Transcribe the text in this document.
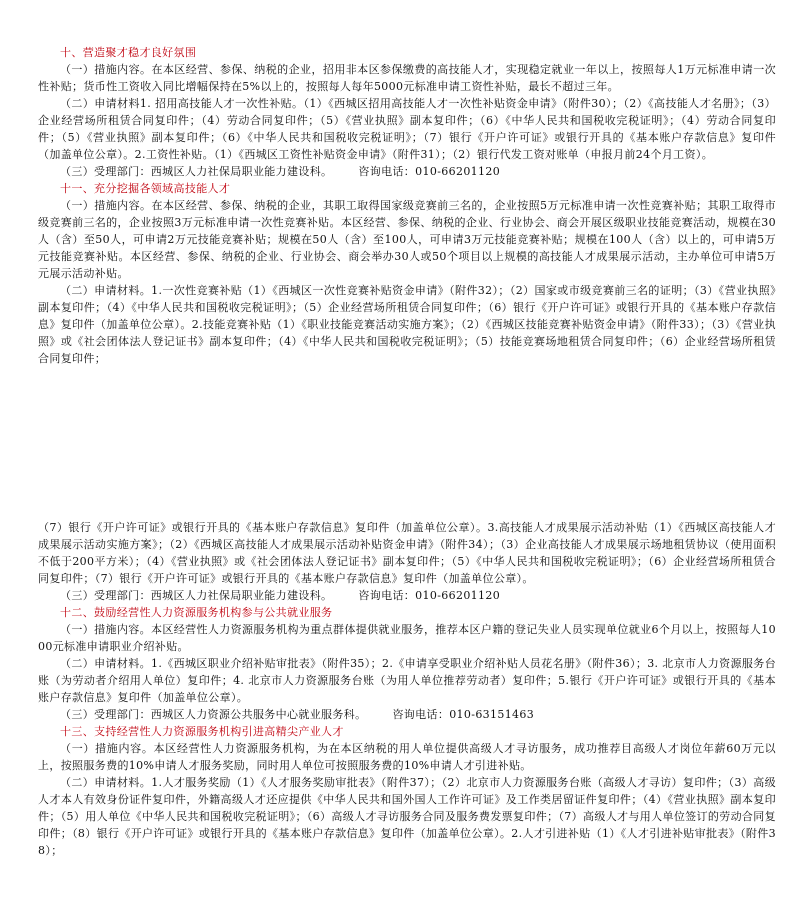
十、营造聚才稳才良好氛围

（一）措施内容。在本区经营、参保、纳税的企业，招用非本区参保缴费的高技能人才，实现稳定就业一年以上，按照每人1万元标准申请一次性补贴；货币性工资收入同比增幅保持在5%以上的，按照每人每年5000元标准申请工资性补贴，最长不超过三年。

（二）申请材料1. 招用高技能人才一次性补贴。（1）《西城区招用高技能人才一次性补贴资金申请》（附件30）；（2）《高技能人才名册》；（3）企业经营场所租赁合同复印件；（4）劳动合同复印件；（5）《营业执照》副本复印件；（6）《中华人民共和国税收完税证明》；（4）劳动合同复印件；（5）《营业执照》副本复印件；（6）《中华人民共和国税收完税证明》；（7）银行《开户许可证》或银行开具的《基本账户存款信息》复印件（加盖单位公章）。2.工资性补贴。（1）《西城区工资性补贴资金申请》（附件31）；（2）银行代发工资对账单（申报月前24个月工资）。

（三）受理部门：西城区人力社保局职业能力建设科。 咨询电话：010-66201120

十一、充分挖掘各领域高技能人才

（一）措施内容。在本区经营、参保、纳税的企业，其职工取得国家级竞赛前三名的，企业按照5万元标准申请一次性竞赛补贴；其职工取得市级竞赛前三名的，企业按照3万元标准申请一次性竞赛补贴。本区经营、参保、纳税的企业、行业协会、商会开展区级职业技能竞赛活动，规模在30人（含）至50人，可申请2万元技能竞赛补贴；规模在50人（含）至100人，可申请3万元技能竞赛补贴；规模在100人（含）以上的，可申请5万元技能竞赛补贴。本区经营、参保、纳税的企业、行业协会、商会举办30人或50个项目以上规模的高技能人才成果展示活动，主办单位可申请5万元展示活动补贴。

（二）申请材料。1.一次性竞赛补贴（1）《西城区一次性竞赛补贴资金申请》（附件32）；（2）国家或市级竞赛前三名的证明；（3）《营业执照》副本复印件；（4）《中华人民共和国税收完税证明》；（5）企业经营场所租赁合同复印件；（6）银行《开户许可证》或银行开具的《基本账户存款信息》复印件（加盖单位公章）。2.技能竞赛补贴（1）《职业技能竞赛活动实施方案》；（2）《西城区技能竞赛补贴资金申请》（附件33）；（3）《营业执照》或《社会团体法人登记证书》副本复印件；（4）《中华人民共和国税收完税证明》；（5）技能竞赛场地租赁合同复印件；（6）企业经营场所租赁合同复印件；

（7）银行《开户许可证》或银行开具的《基本账户存款信息》复印件（加盖单位公章）。3.高技能人才成果展示活动补贴（1）《西城区高技能人才成果展示活动实施方案》；（2）《西城区高技能人才成果展示活动补贴资金申请》（附件34）；（3）企业高技能人才成果展示场地租赁协议（使用面积不低于200平方米）；（4）《营业执照》或《社会团体法人登记证书》副本复印件；（5）《中华人民共和国税收完税证明》；（6）企业经营场所租赁合同复印件；（7）银行《开户许可证》或银行开具的《基本账户存款信息》复印件（加盖单位公章）。

（三）受理部门：西城区人力社保局职业能力建设科。 咨询电话：010-66201120

十二、鼓励经营性人力资源服务机构参与公共就业服务

（一）措施内容。本区经营性人力资源服务机构为重点群体提供就业服务，推荐本区户籍的登记失业人员实现单位就业6个月以上，按照每人1000元标准申请职业介绍补贴。

（二）申请材料。1.《西城区职业介绍补贴审批表》（附件35）；2.《申请享受职业介绍补贴人员花名册》（附件36）；3. 北京市人力资源服务台账（为劳动者介绍用人单位）复印件；4. 北京市人力资源服务台账（为用人单位推荐劳动者）复印件；5.银行《开户许可证》或银行开具的《基本账户存款信息》复印件（加盖单位公章）。

（三）受理部门：西城区人力资源公共服务中心就业服务科。 咨询电话：010-63151463

十三、支持经营性人力资源服务机构引进高精尖产业人才

（一）措施内容。本区经营性人力资源服务机构，为在本区纳税的用人单位提供高级人才寻访服务，成功推荐目高级人才岗位年薪60万元以上，按照服务费的10%申请人才服务奖励，同时用人单位可按照服务费的10%申请人才引进补贴。

（二）申请材料。1.人才服务奖励（1）《人才服务奖励审批表》（附件37）；（2）北京市人力资源服务台账（高级人才寻访）复印件；（3）高级人才本人有效身份证件复印件，外籍高级人才还应提供《中华人民共和国外国人工作许可证》及工作类居留证件复印件；（4）《营业执照》副本复印件；（5）用人单位《中华人民共和国税收完税证明》；（6）高级人才寻访服务合同及服务费发票复印件；（7）高级人才与用人单位签订的劳动合同复印件；（8）银行《开户许可证》或银行开具的《基本账户存款信息》复印件（加盖单位公章）。2.人才引进补贴（1）《人才引进补贴审批表》（附件38）；
